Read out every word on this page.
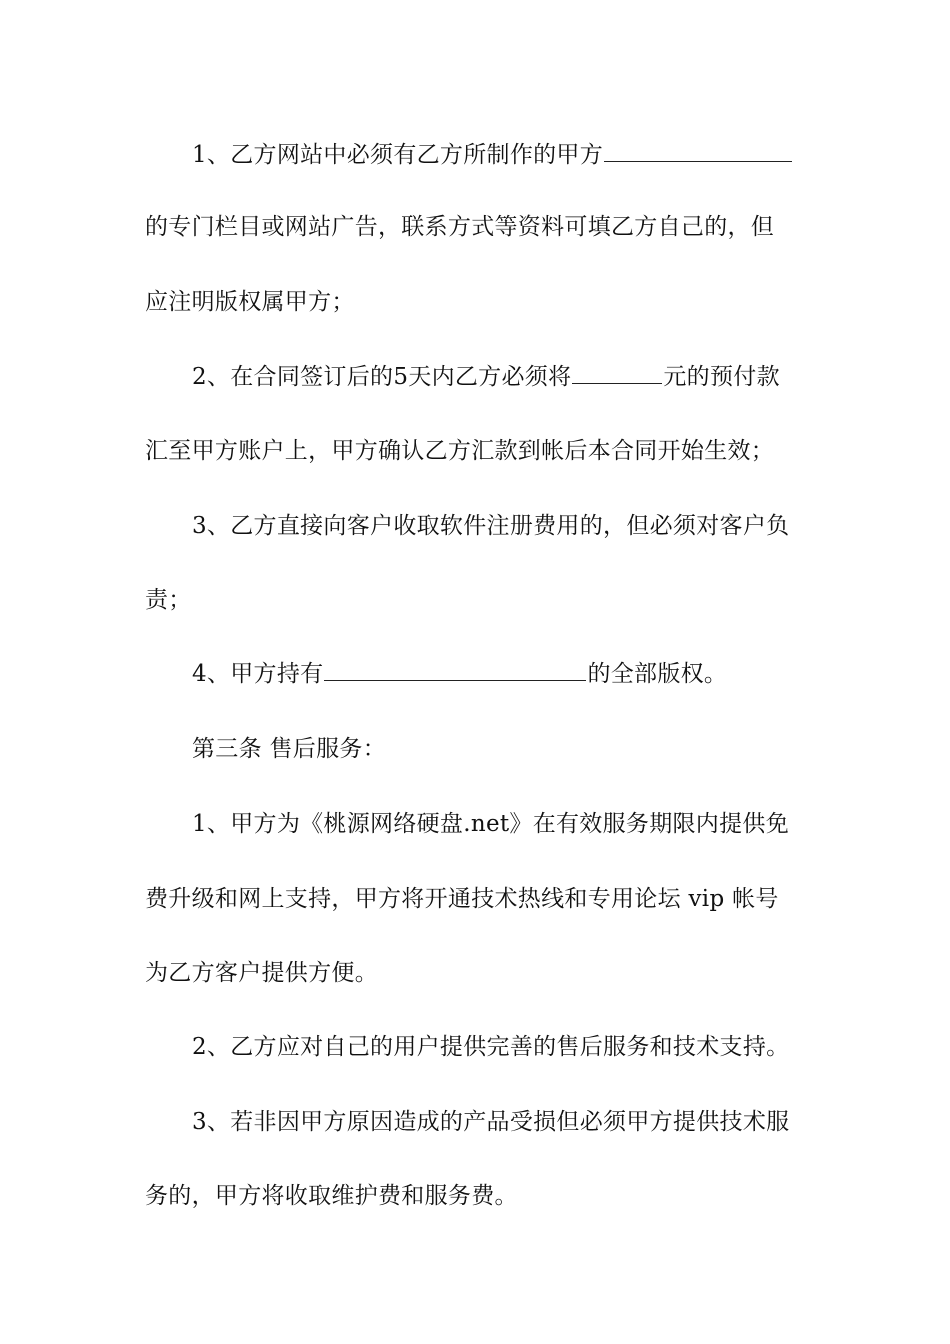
1、乙方网站中必须有乙方所制作的甲方
的专门栏目或网站广告，联系方式等资料可填乙方自己的，但
应注明版权属甲方；
2、在合同签订后的5天内乙方必须将	元的预付款
汇至甲方账户上，甲方确认乙方汇款到帐后本合同开始生效；
3、乙方直接向客户收取软件注册费用的，但必须对客户负
责；
4、甲方持有	的全部版权。
第三条 售后服务：
1、甲方为《桃源网络硬盘.net》在有效服务期限内提供免
费升级和网上支持，甲方将开通技术热线和专用论坛 vip 帐号
为乙方客户提供方便。
2、乙方应对自己的用户提供完善的售后服务和技术支持。
3、若非因甲方原因造成的产品受损但必须甲方提供技术服
务的，甲方将收取维护费和服务费。
